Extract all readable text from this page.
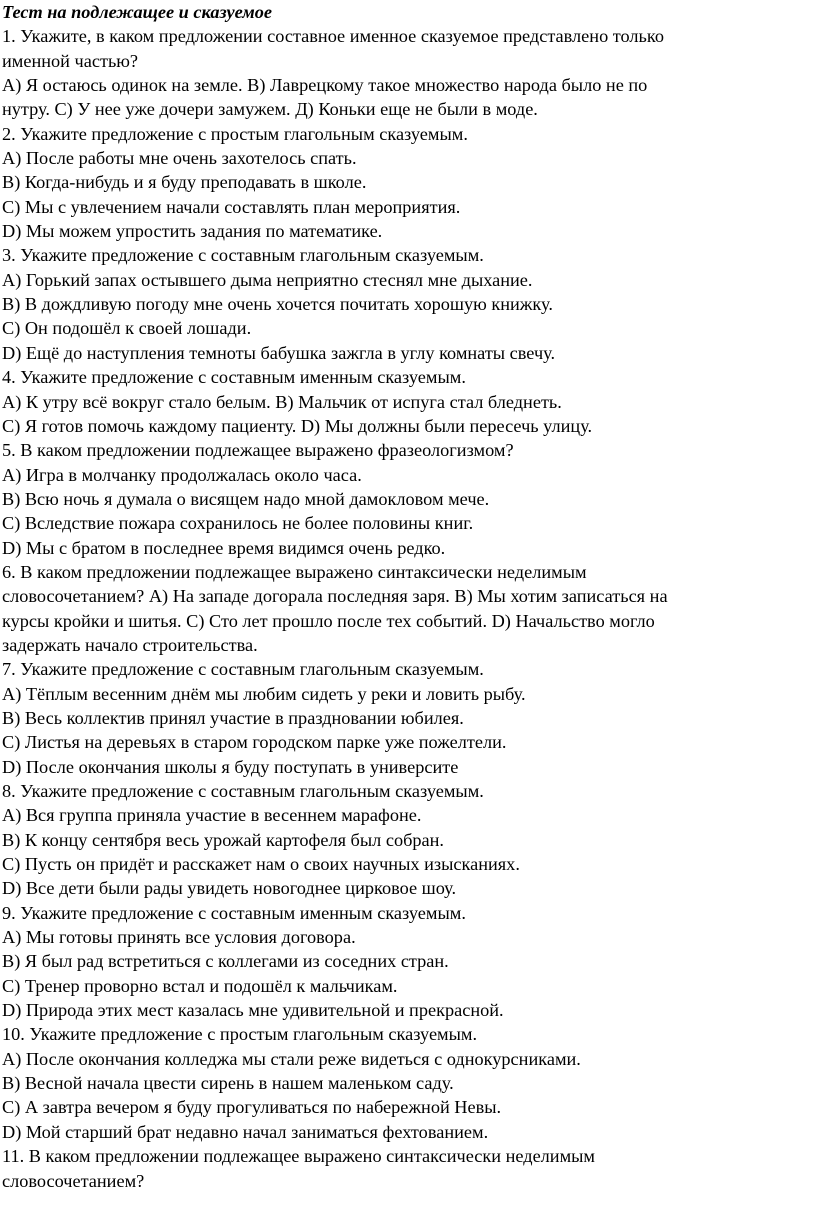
Тест на подлежащее и сказуемое
1. Укажите, в каком предложении составное именное сказуемое представлено только
именной частью?
А) Я остаюсь одинок на земле. В) Лаврецкому такое множество народа было не по
нутру. С) У нее уже дочери замужем. Д) Коньки еще не были в моде.
2. Укажите предложение с простым глагольным сказуемым.
A) После работы мне очень захотелось спать.
B) Когда-нибудь и я буду преподавать в школе.
C) Мы с увлечением начали составлять план мероприятия.
D) Мы можем упростить задания по математике.
3. Укажите предложение с составным глагольным сказуемым.
A) Горький запах остывшего дыма неприятно стеснял мне дыхание.
B) В дождливую погоду мне очень хочется почитать хорошую книжку.
C) Он подошёл к своей лошади.
D) Ещё до наступления темноты бабушка зажгла в углу комнаты свечу.
4. Укажите предложение с составным именным сказуемым.
A) К утру всё вокруг стало белым. B) Мальчик от испуга стал бледнеть.
C) Я готов помочь каждому пациенту. D) Мы должны были пересечь улицу.
5. В каком предложении подлежащее выражено фразеологизмом?
A) Игра в молчанку продолжалась около часа.
B) Всю ночь я думала о висящем надо мной дамокловом мече.
C) Вследствие пожара сохранилось не более половины книг.
D) Мы с братом в последнее время видимся очень редко.
6. В каком предложении подлежащее выражено синтаксически неделимым
словосочетанием? A) На западе догорала последняя заря. B) Мы хотим записаться на
курсы кройки и шитья. C) Сто лет прошло после тех событий. D) Начальство могло
задержать начало строительства.
7. Укажите предложение с составным глагольным сказуемым.
A) Тёплым весенним днём мы любим сидеть у реки и ловить рыбу.
B) Весь коллектив принял участие в праздновании юбилея.
C) Листья на деревьях в старом городском парке уже пожелтели.
D) После окончания школы я буду поступать в университе
8. Укажите предложение с составным глагольным сказуемым.
A) Вся группа приняла участие в весеннем марафоне.
B) К концу сентября весь урожай картофеля был собран.
C) Пусть он придёт и расскажет нам о своих научных изысканиях.
D) Все дети были рады увидеть новогоднее цирковое шоу.
9. Укажите предложение с составным именным сказуемым.
A) Мы готовы принять все условия договора.
B) Я был рад встретиться с коллегами из соседних стран.
C) Тренер проворно встал и подошёл к мальчикам.
D) Природа этих мест казалась мне удивительной и прекрасной.
10. Укажите предложение с простым глагольным сказуемым.
A) После окончания колледжа мы стали реже видеться с однокурсниками.
B) Весной начала цвести сирень в нашем маленьком саду.
C) А завтра вечером я буду прогуливаться по набережной Невы.
D) Мой старший брат недавно начал заниматься фехтованием.
11. В каком предложении подлежащее выражено синтаксически неделимым
словосочетанием?
